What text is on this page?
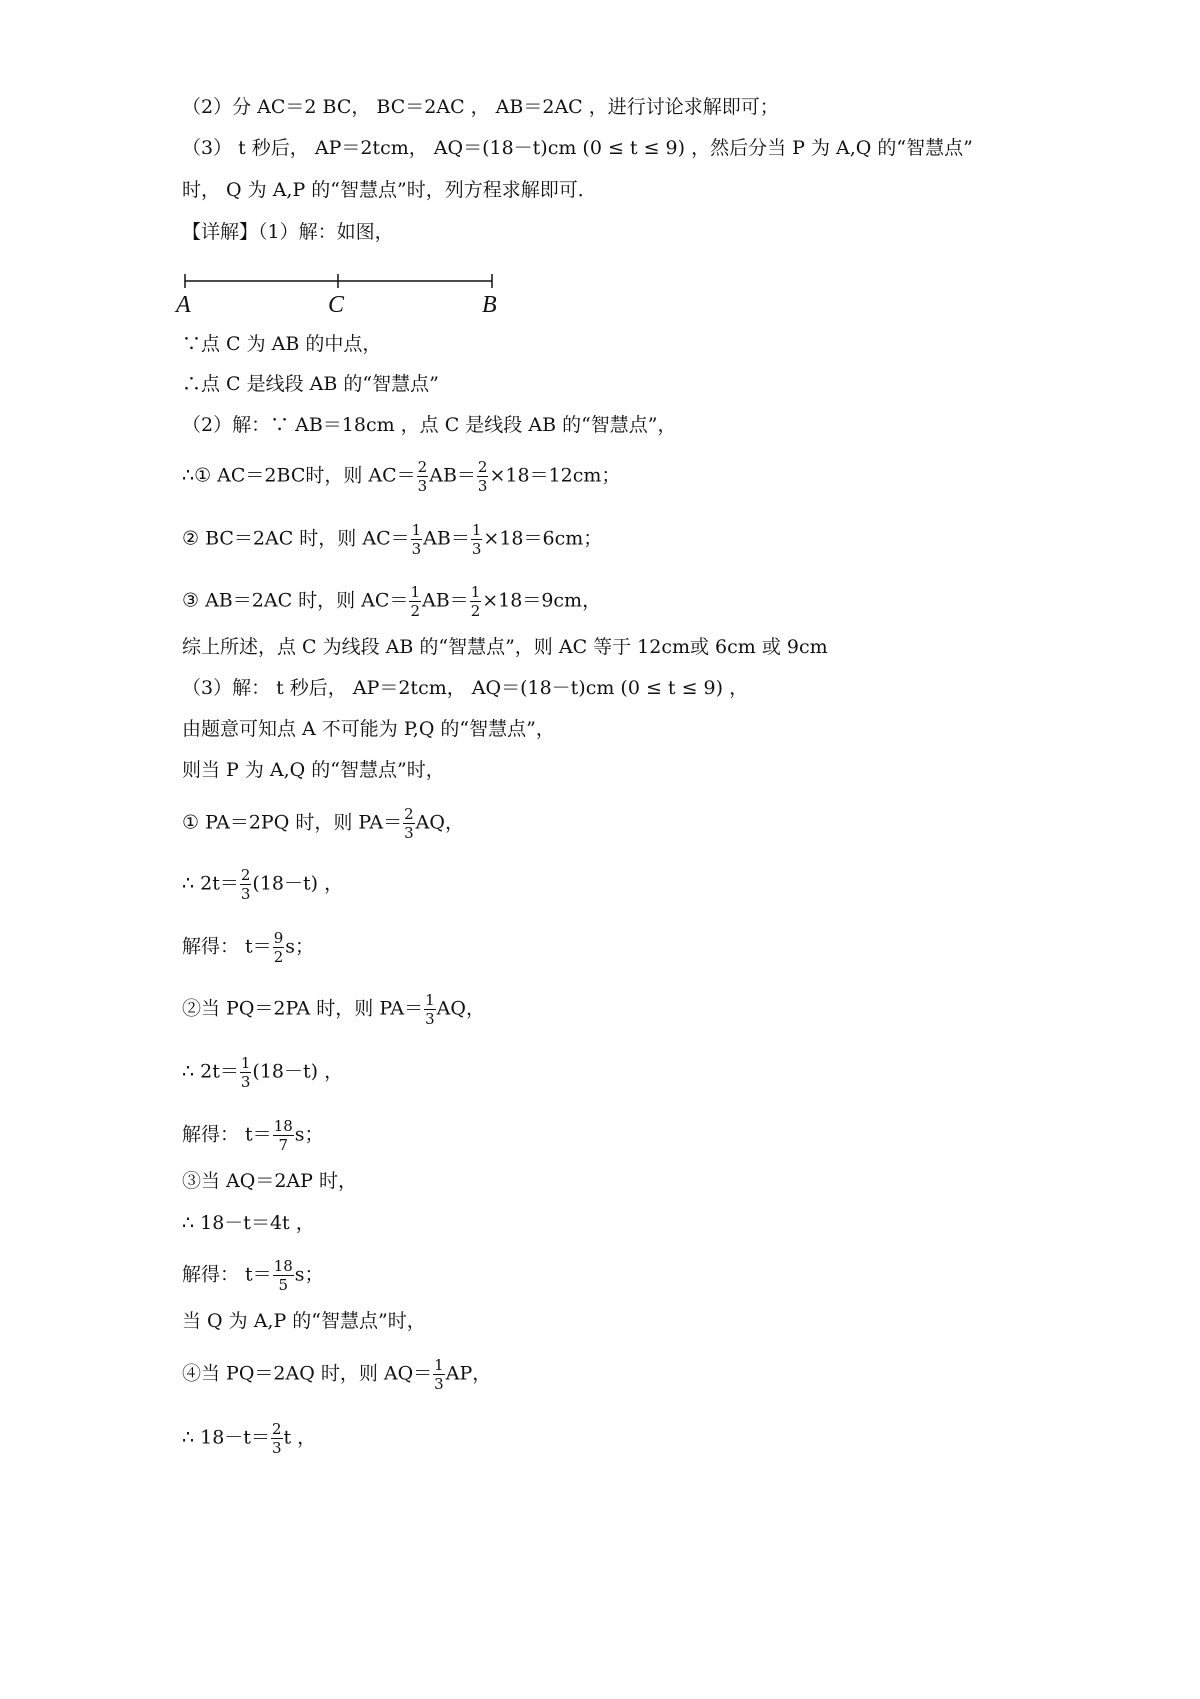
（2）分 AC＝2 BC， BC＝2AC ， AB＝2AC ，进行讨论求解即可；
（3） t 秒后， AP＝2tcm， AQ＝(18－t)cm (0 ≤ t ≤ 9) ，然后分当 P 为 A,Q 的“智慧点”
时， Q 为 A,P 的“智慧点”时，列方程求解即可．
【详解】（1）解：如图，
A	C	B
∵点 C 为 AB 的中点，
∴点 C 是线段 AB 的“智慧点”
（2）解：∵ AB＝18cm ，点 C 是线段 AB 的“智慧点”，
∴① AC＝2BC时，则 $AC= \frac{2}{3} AB= \frac{2}{3} \times 18=12cm$；
② BC＝2AC 时，则 $AC= \frac{1}{3} AB= \frac{1}{3} \times 18=6cm$；
③ AB＝2AC 时，则 $AC= \frac{1}{2} AB= \frac{1}{2} \times 18=9cm$，
综上所述，点 C 为线段 AB 的“智慧点”，则 AC 等于 12cm或 6cm 或 9cm
（3）解： t 秒后， AP＝2tcm， AQ＝(18－t)cm (0 ≤ t ≤ 9) ，
由题意可知点 A 不可能为 P,Q 的“智慧点”，
则当 P 为 A,Q 的“智慧点”时，
① PA＝2PQ 时，则 $PA= \frac{2}{3}$ AQ，
∴ $2t= \frac{2}{3} (18-t)$ ，
解得： $t= \frac{9}{2}$ s；
②当 PQ＝2PA 时，则 $PA= \frac{1}{3}$ AQ，
∴ $2t= \frac{1}{3} (18-t)$ ，
解得： $t= \frac{18}{7}$ s；
③当 AQ＝2AP 时，
∴ 18－t＝4t ，
解得： $t= \frac{18}{5}$ s；
当 Q 为 A,P 的“智慧点”时，
④当 PQ＝2AQ 时，则 $AQ= \frac{1}{3}$ AP，
∴ $18-t= \frac{2}{3}$ t ，
